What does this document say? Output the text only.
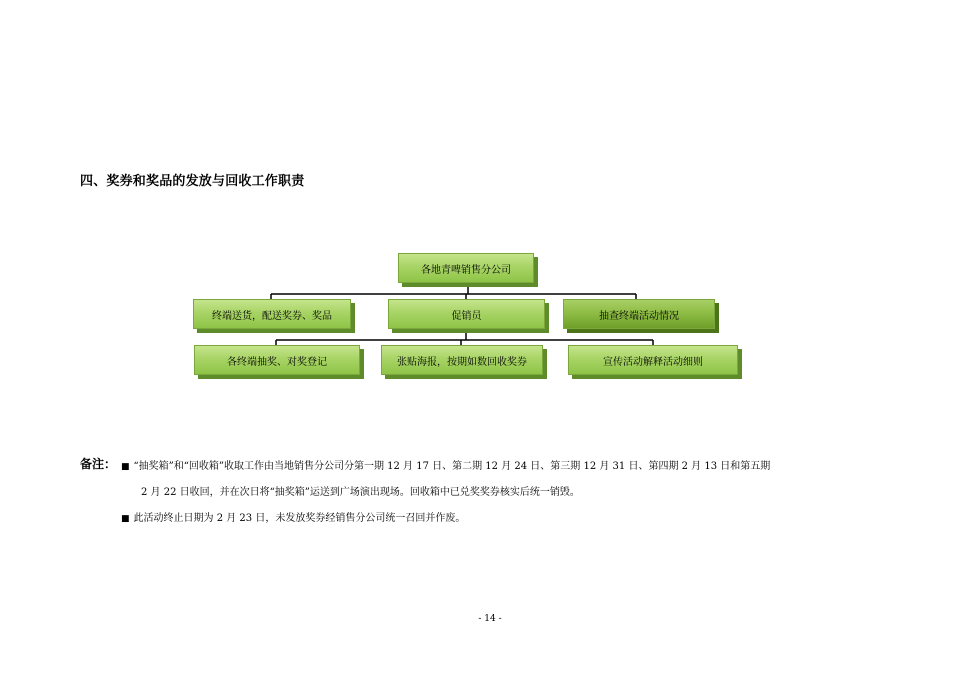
四、奖券和奖品的发放与回收工作职责
各地青啤销售分公司
终端送货，配送奖券、奖品	促销员	抽查终端活动情况
各终端抽奖、对奖登记	张贴海报，按期如数回收奖券	宣传活动解释活动细则
备注： ■ “抽奖箱”和“回收箱”收取工作由当地销售分公司分第一期 12 月 17 日、第二期 12 月 24 日、第三期 12 月 31 日、第四期 2 月 13 日和第五期
2 月 22 日收回，并在次日将“抽奖箱”运送到广场演出现场。回收箱中已兑奖奖券核实后统一销毁。
■ 此活动终止日期为 2 月 23 日，未发放奖券经销售分公司统一召回并作废。
- 14 -
